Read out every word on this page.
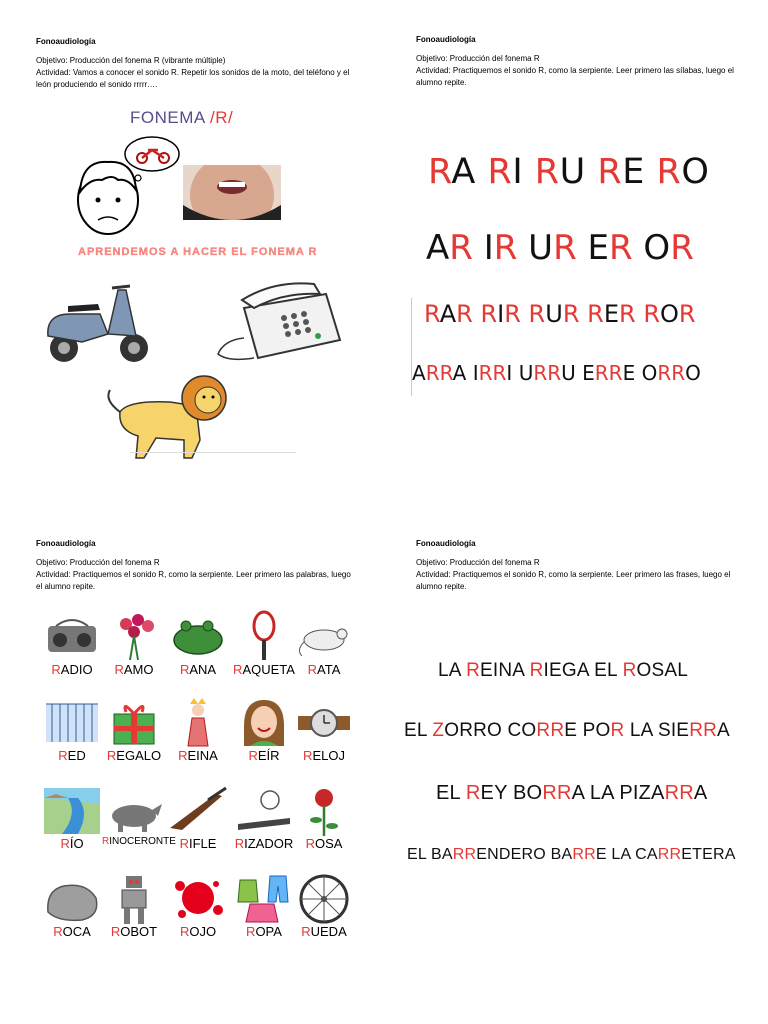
Fonoaudiología
Objetivo: Producción del fonema R (vibrante múltiple)
Actividad: Vamos a conocer el sonido R. Repetir los sonidos de la moto, del teléfono y el león produciendo el sonido rrrrr….
FONEMA /R/
APRENDEMOS A HACER EL FONEMA R
Fonoaudiología
Objetivo: Producción del fonema R
Actividad: Practiquemos el sonido R, como la serpiente. Leer primero las sílabas, luego el alumno repite.
RA RI RU RE RO
AR IR UR ER OR
RAR RIR RUR RER ROR
ARRA IRRI URRU ERRE ORRO
Fonoaudiología
Objetivo: Producción del fonema R
Actividad: Practiquemos el sonido R, como la serpiente. Leer primero las palabras, luego el alumno repite.
RADIO	RAMO	RANA	RAQUETA RATA
RED	REGALO	REINA	REÍR	RELOJ
RÍO	RINOCERONTE RIFLE	RIZADOR ROSA
ROCA	ROBOT	ROJO	ROPA	RUEDA
Fonoaudiología
Objetivo: Producción del fonema R
Actividad: Practiquemos el sonido R, como la serpiente. Leer primero las frases, luego el alumno repite.
LA REINA RIEGA EL ROSAL
EL ZORRO CORRE POR LA SIERRA
EL REY BORRA LA PIZARRA
EL BARRENDERO BARRE LA CARRETERA
